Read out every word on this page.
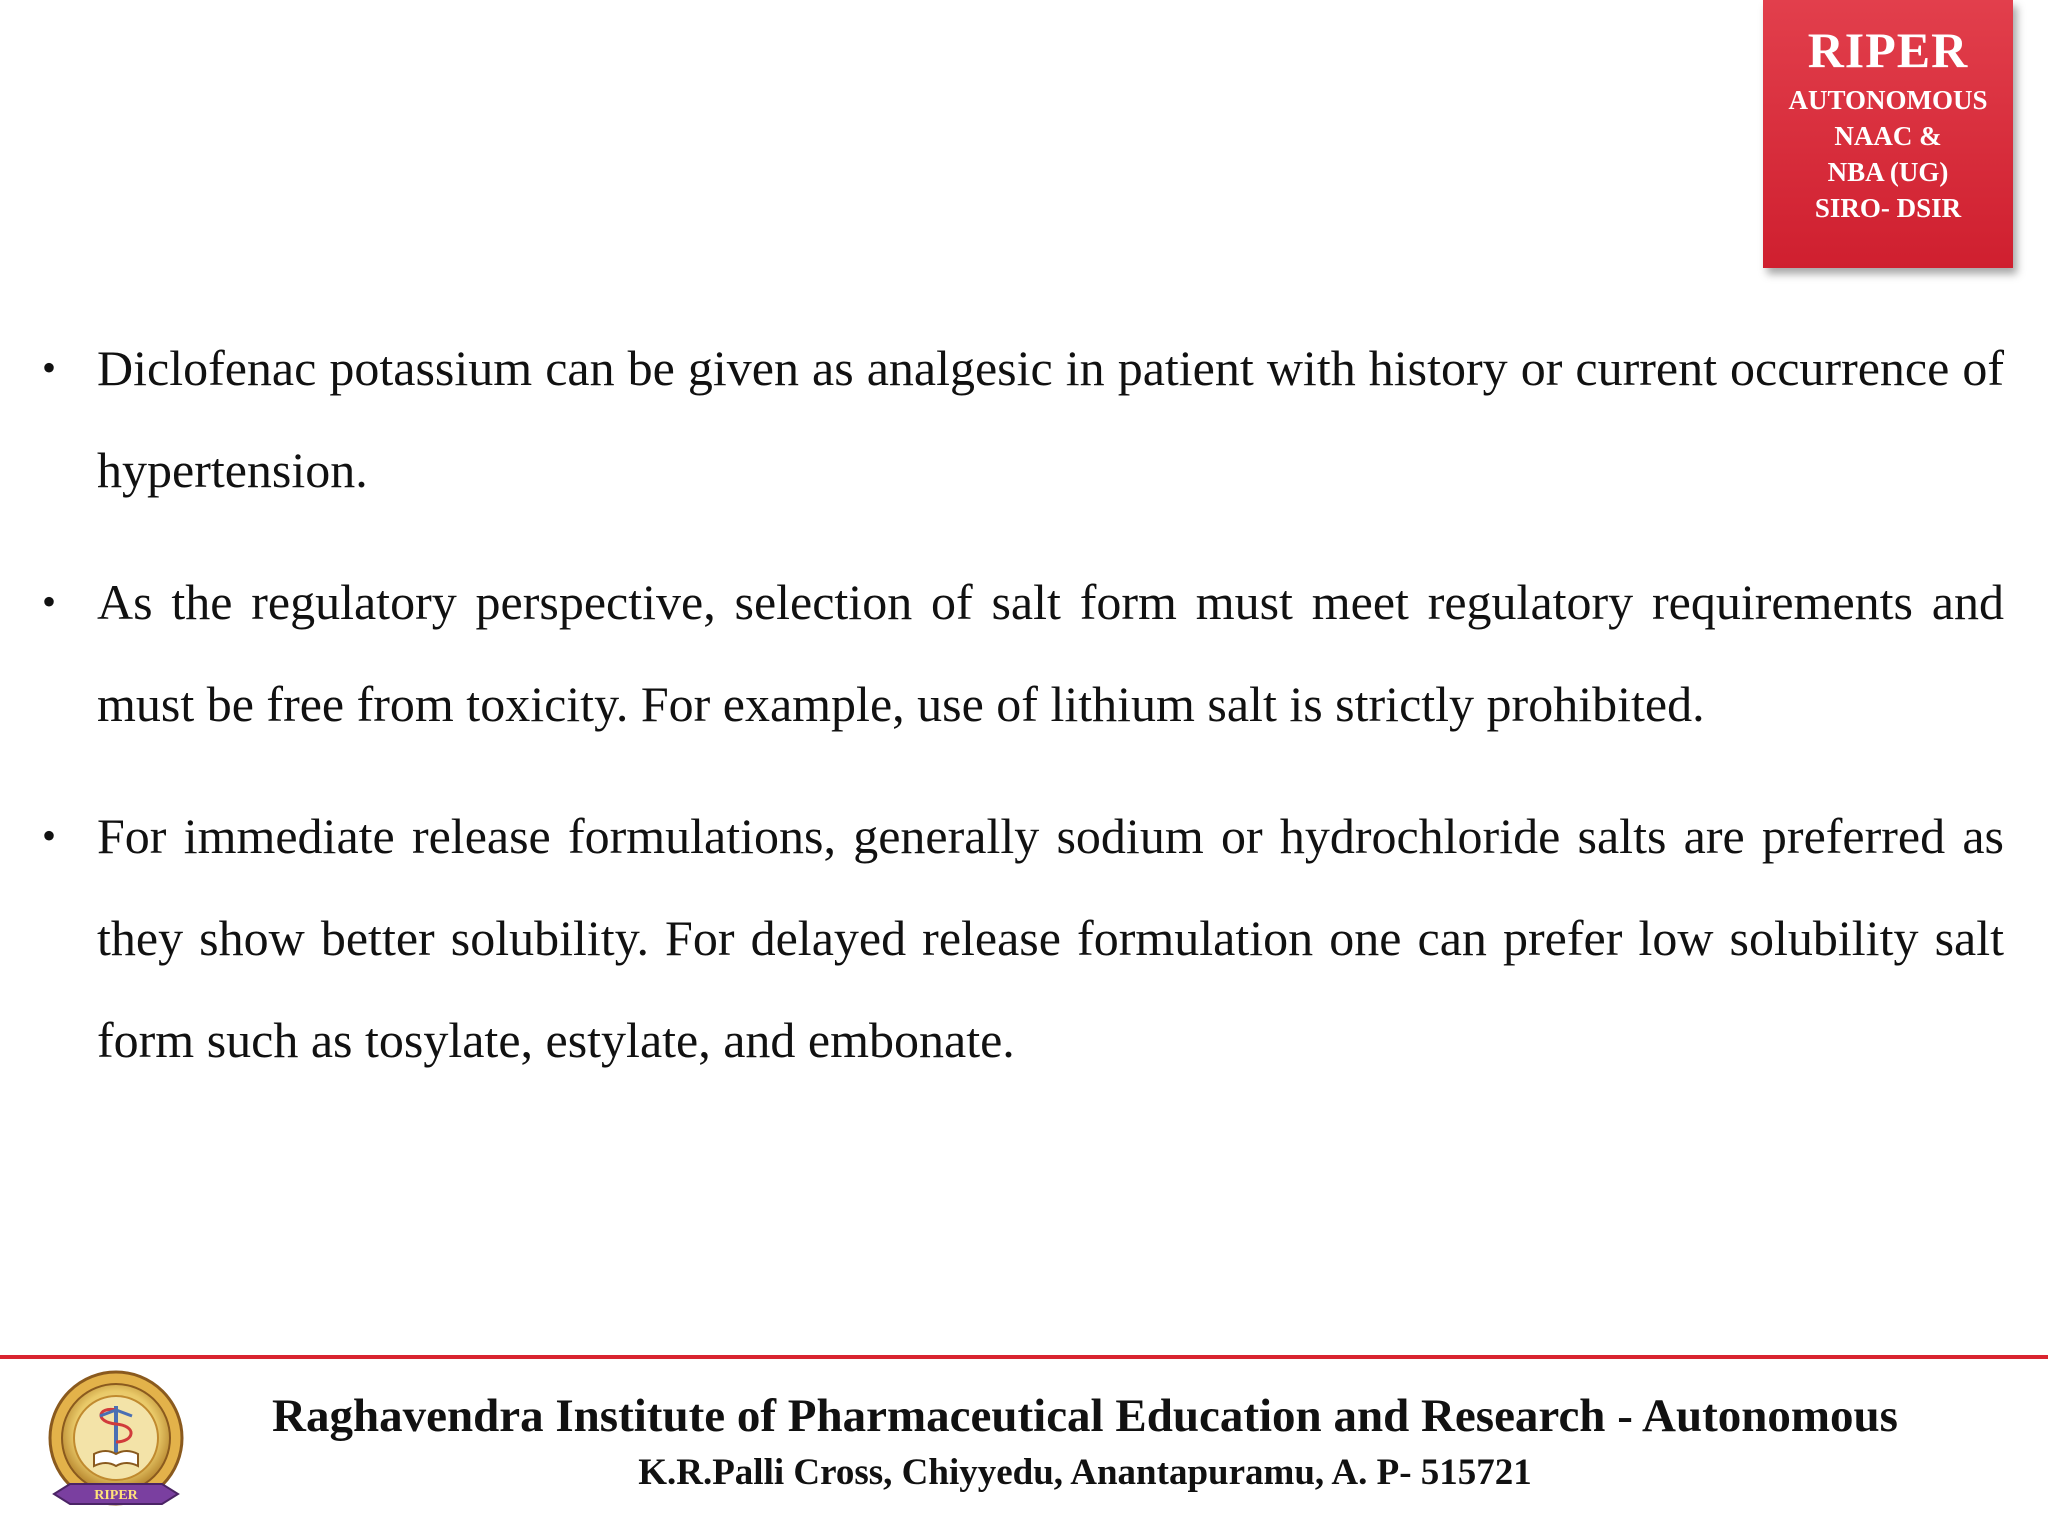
RIPER
AUTONOMOUS
NAAC &
NBA (UG)
SIRO- DSIR
• Diclofenac potassium can be given as analgesic in patient with history or current occurrence of hypertension.
• As the regulatory perspective, selection of salt form must meet regulatory requirements and must be free from toxicity. For example, use of lithium salt is strictly prohibited.
• For immediate release formulations, generally sodium or hydrochloride salts are preferred as they show better solubility. For delayed release formulation one can prefer low solubility salt form such as tosylate, estylate, and embonate.
RIPER
Raghavendra Institute of Pharmaceutical Education and Research - Autonomous
K.R.Palli Cross, Chiyyedu, Anantapuramu, A. P- 515721
